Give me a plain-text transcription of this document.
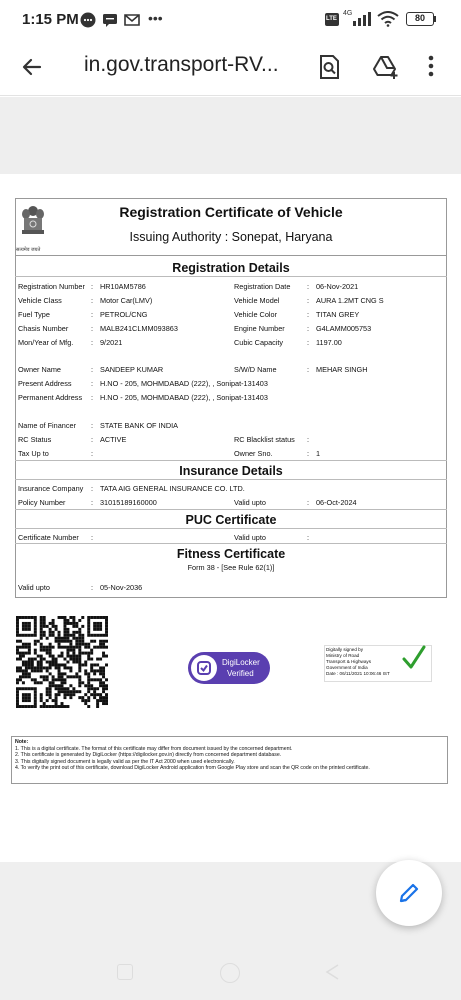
1:15 PM	•••	LTE
4G	80
in.gov.transport-RV...
सत्यमेव जयते
Registration Certificate of Vehicle
Issuing Authority : Sonepat, Haryana
Registration Details
Registration Number : HR10AM5786	Registration Date : 06-Nov-2021
Vehicle Class	: Motor Car(LMV)	Vehicle Model	: AURA 1.2MT CNG S
Fuel Type	: PETROL/CNG	Vehicle Color	: TITAN GREY
Chasis Number	: MALB241CLMM093863	Engine Number	: G4LAMM005753
Mon/Year of Mfg. : 9/2021	Cubic Capacity	: 1197.00
Owner Name	: SANDEEP KUMAR	S/W/D Name	: MEHAR SINGH
Present Address	: H.NO - 205, MOHMDABAD (222), , Sonipat-131403
Permanent Address : H.NO - 205, MOHMDABAD (222), , Sonipat-131403
Name of Financer : STATE BANK OF INDIA
RC Status	: ACTIVE	RC Blacklist status :
Tax Up to	:	Owner Sno.	: 1
Insurance Details
Insurance Company : TATA AIG GENERAL INSURANCE CO. LTD.
Policy Number	: 31015189160000	Valid upto	: 06-Oct-2024
PUC Certificate
Certificate Number :	Valid upto	:
Fitness Certificate
Form 38 - [See Rule 62(1)]
Valid upto	: 05-Nov-2036
DigiLocker
Verified
Digitally signed by
Ministry of Road
Transport & Highways
Government of India
Date : 06/11/2021 10:06:46 IST
Note:
1. This is a digital certificate. The format of this certificate may differ from document issued by the concerned department.
2. This certificate is generated by DigiLocker (https://digilocker.gov.in) directly from concerned department database.
3. This digitally signed document is legally valid as per the IT Act 2000 when used electronically.
4. To verify the print out of this certificate, download DigiLocker Android application from Google Play store and scan the QR code on the printed certificate.
